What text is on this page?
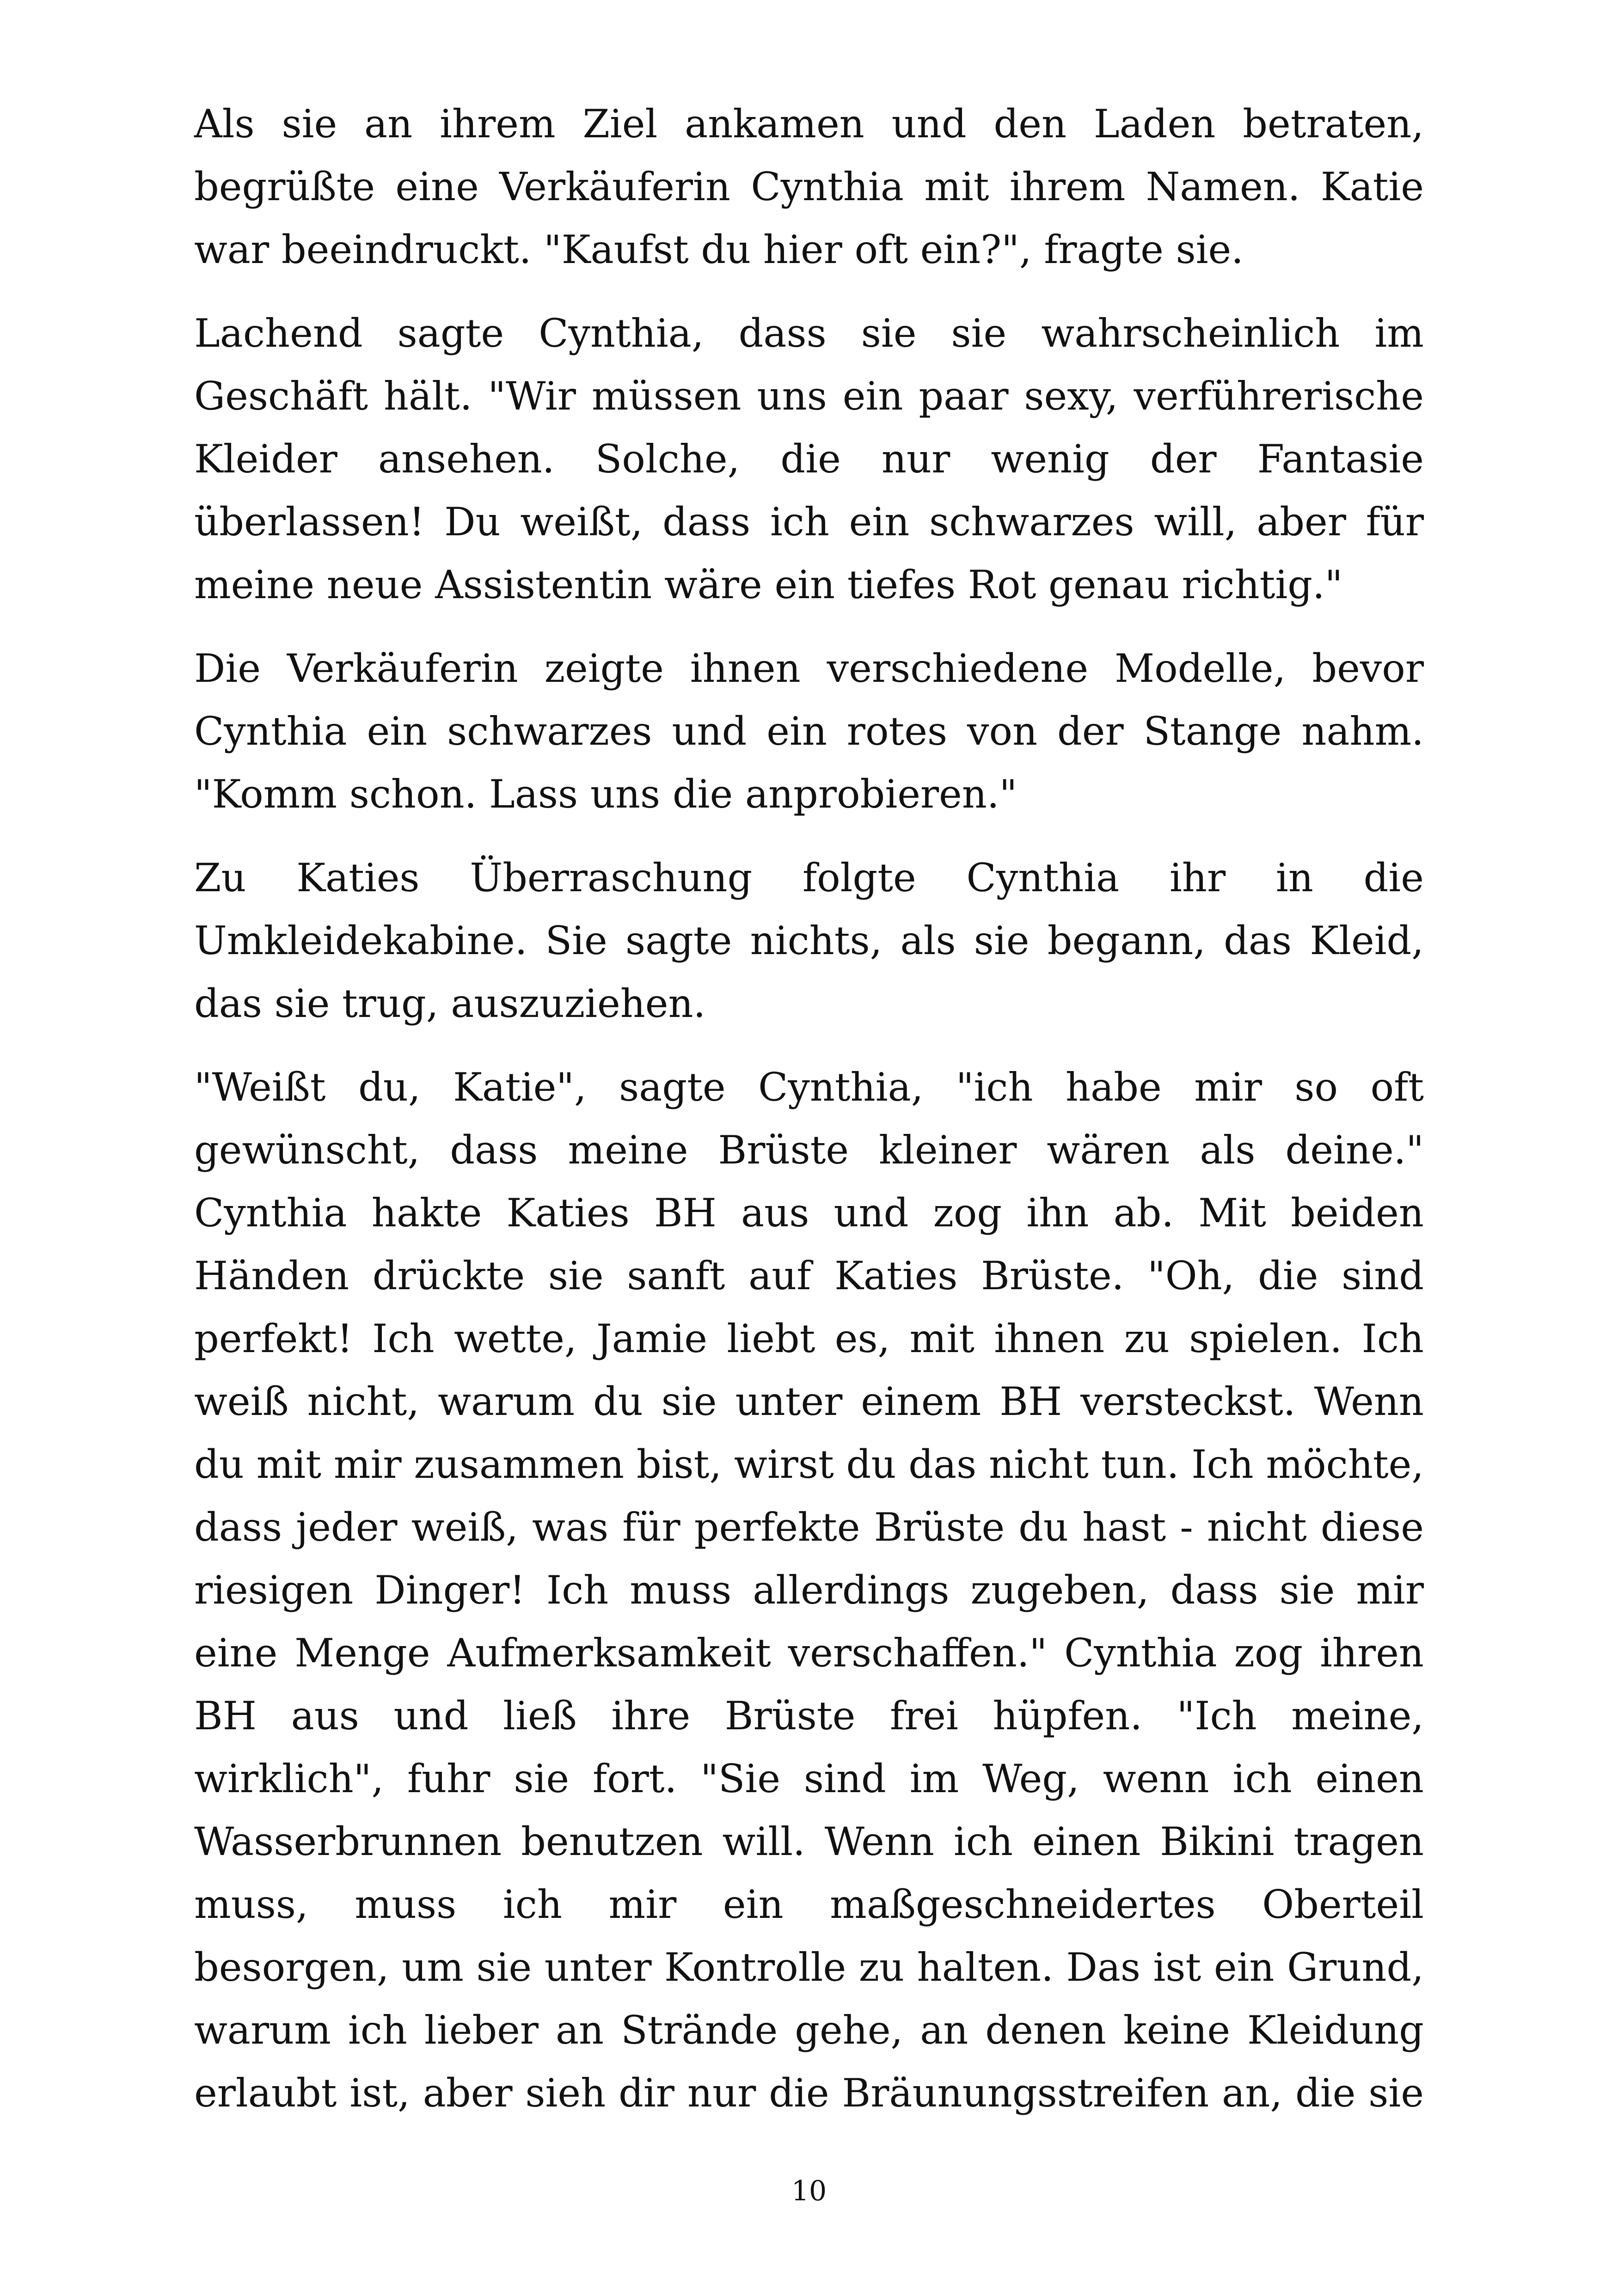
Als sie an ihrem Ziel ankamen und den Laden betraten, begrüßte eine Verkäuferin Cynthia mit ihrem Namen. Katie war beeindruckt. "Kaufst du hier oft ein?", fragte sie.

Lachend sagte Cynthia, dass sie sie wahrscheinlich im Geschäft hält. "Wir müssen uns ein paar sexy, verführerische Kleider ansehen. Solche, die nur wenig der Fantasie überlassen! Du weißt, dass ich ein schwarzes will, aber für meine neue Assistentin wäre ein tiefes Rot genau richtig."

Die Verkäuferin zeigte ihnen verschiedene Modelle, bevor Cynthia ein schwarzes und ein rotes von der Stange nahm. "Komm schon. Lass uns die anprobieren."

Zu Katies Überraschung folgte Cynthia ihr in die Umkleidekabine. Sie sagte nichts, als sie begann, das Kleid, das sie trug, auszuziehen.

"Weißt du, Katie", sagte Cynthia, "ich habe mir so oft gewünscht, dass meine Brüste kleiner wären als deine." Cynthia hakte Katies BH aus und zog ihn ab. Mit beiden Händen drückte sie sanft auf Katies Brüste. "Oh, die sind perfekt! Ich wette, Jamie liebt es, mit ihnen zu spielen. Ich weiß nicht, warum du sie unter einem BH versteckst. Wenn du mit mir zusammen bist, wirst du das nicht tun. Ich möchte, dass jeder weiß, was für perfekte Brüste du hast - nicht diese riesigen Dinger! Ich muss allerdings zugeben, dass sie mir eine Menge Aufmerksamkeit verschaffen." Cynthia zog ihren BH aus und ließ ihre Brüste frei hüpfen. "Ich meine, wirklich", fuhr sie fort. "Sie sind im Weg, wenn ich einen Wasserbrunnen benutzen will. Wenn ich einen Bikini tragen muss, muss ich mir ein maßgeschneidertes Oberteil besorgen, um sie unter Kontrolle zu halten. Das ist ein Grund, warum ich lieber an Strände gehe, an denen keine Kleidung erlaubt ist, aber sieh dir nur die Bräunungsstreifen an, die sie

10
